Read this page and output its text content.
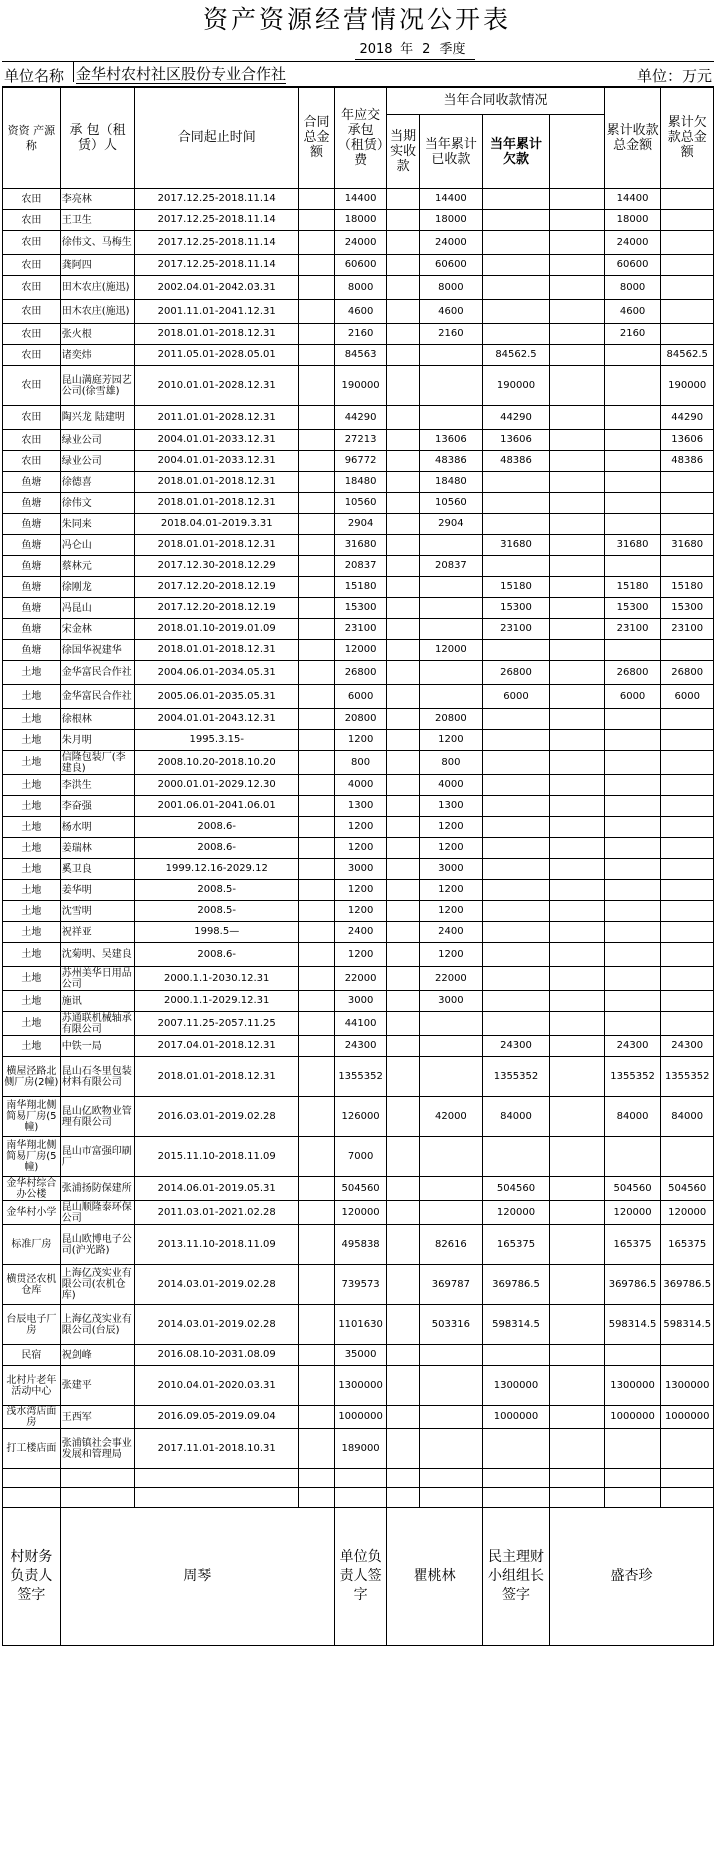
资产资源经营情况公开表
2018 年 2 季度
单位名称 金华村农村社区股份专业合作社	单位：万元
资资 产源 称	承 包（租赁）人	合同起止时间	合同总金额	年应交承包（租赁）费	当年合同收款情况				累计收款总金额	累计欠款总金额
					当期实收款	当年累计已收款	当年累计欠款			
农田	李亮林	2017.12.25-2018.11.14		14400		14400			14400	
农田	王卫生	2017.12.25-2018.11.14		18000		18000			18000	
农田	徐伟文、马梅生	2017.12.25-2018.11.14		24000		24000			24000	
农田	龚阿四	2017.12.25-2018.11.14		60600		60600			60600	
农田	田木农庄(施迅)	2002.04.01-2042.03.31		8000		8000			8000	
农田	田木农庄(施迅)	2001.11.01-2041.12.31		4600		4600			4600	
农田	张火根	2018.01.01-2018.12.31		2160		2160			2160	
农田	诸奕炜	2011.05.01-2028.05.01		84563			84562.5			84562.5
农田	昆山满庭芳园艺公司(徐雪雄)	2010.01.01-2028.12.31		190000			190000			190000
农田	陶兴龙 陆建明	2011.01.01-2028.12.31		44290			44290			44290
农田	绿业公司	2004.01.01-2033.12.31		27213		13606	13606			13606
农田	绿业公司	2004.01.01-2033.12.31		96772		48386	48386			48386
鱼塘	徐德喜	2018.01.01-2018.12.31		18480		18480				
鱼塘	徐伟文	2018.01.01-2018.12.31		10560		10560				
鱼塘	朱同来	2018.04.01-2019.3.31		2904		2904				
鱼塘	冯仑山	2018.01.01-2018.12.31		31680			31680		31680	31680
鱼塘	蔡林元	2017.12.30-2018.12.29		20837		20837				
鱼塘	徐刚龙	2017.12.20-2018.12.19		15180			15180		15180	15180
鱼塘	冯昆山	2017.12.20-2018.12.19		15300			15300		15300	15300
鱼塘	宋金林	2018.01.10-2019.01.09		23100			23100		23100	23100
鱼塘	徐国华祝建华	2018.01.01-2018.12.31		12000		12000				
土地	金华富民合作社	2004.06.01-2034.05.31		26800			26800		26800	26800
土地	金华富民合作社	2005.06.01-2035.05.31		6000			6000		6000	6000
土地	徐根林	2004.01.01-2043.12.31		20800		20800				
土地	朱月明	1995.3.15-		1200		1200				
土地	信隆包装厂(李建良)	2008.10.20-2018.10.20		800		800				
土地	李洪生	2000.01.01-2029.12.30		4000		4000				
土地	李奋强	2001.06.01-2041.06.01		1300		1300				
土地	杨水明	2008.6-		1200		1200				
土地	姜瑞林	2008.6-		1200		1200				
土地	奚卫良	1999.12.16-2029.12		3000		3000				
土地	姜华明	2008.5-		1200		1200				
土地	沈雪明	2008.5-		1200		1200				
土地	祝祥亚	1998.5—		2400		2400				
土地	沈菊明、吴建良	2008.6-		1200		1200				
土地	苏州美华日用品公司	2000.1.1-2030.12.31		22000		22000				
土地	施讯	2000.1.1-2029.12.31		3000		3000				
土地	苏通联机械轴承有限公司	2007.11.25-2057.11.25		44100						
土地	中铁一局	2017.04.01-2018.12.31		24300			24300		24300	24300
横屋泾路北侧厂房(2幢)	昆山石冬里包装材料有限公司	2018.01.01-2018.12.31		1355352			1355352		1355352	1355352
南华翔北侧简易厂房(5幢)	昆山亿欧物业管理有限公司	2016.03.01-2019.02.28		126000		42000	84000		84000	84000
南华翔北侧简易厂房(5幢)	昆山市富强印刷厂	2015.11.10-2018.11.09		7000						
金华村综合办公楼	张浦扬防保建所	2014.06.01-2019.05.31		504560			504560		504560	504560
金华村小学	昆山顺隆泰环保公司	2011.03.01-2021.02.28		120000			120000		120000	120000
标准厂房	昆山欧博电子公司(沪光路)	2013.11.10-2018.11.09		495838		82616	165375		165375	165375
横贯泾农机仓库	上海亿茂实业有限公司(农机仓库)	2014.03.01-2019.02.28		739573		369787	369786.5		369786.5	369786.5
台辰电子厂房	上海亿茂实业有限公司(台辰)	2014.03.01-2019.02.28		1101630		503316	598314.5		598314.5	598314.5
民宿	祝剑峰	2016.08.10-2031.08.09		35000						
北村片老年活动中心	张建平	2010.04.01-2020.03.31		1300000			1300000		1300000	1300000
浅水湾店面房	王西军	2016.09.05-2019.09.04		1000000			1000000		1000000	1000000
打工楼店面	张浦镇社会事业发展和管理局	2017.11.01-2018.10.31		189000						

村财务负责人签字	周琴			单位负责人签字	瞿桃林		民主理财小组组长签字	盛杏珍		
